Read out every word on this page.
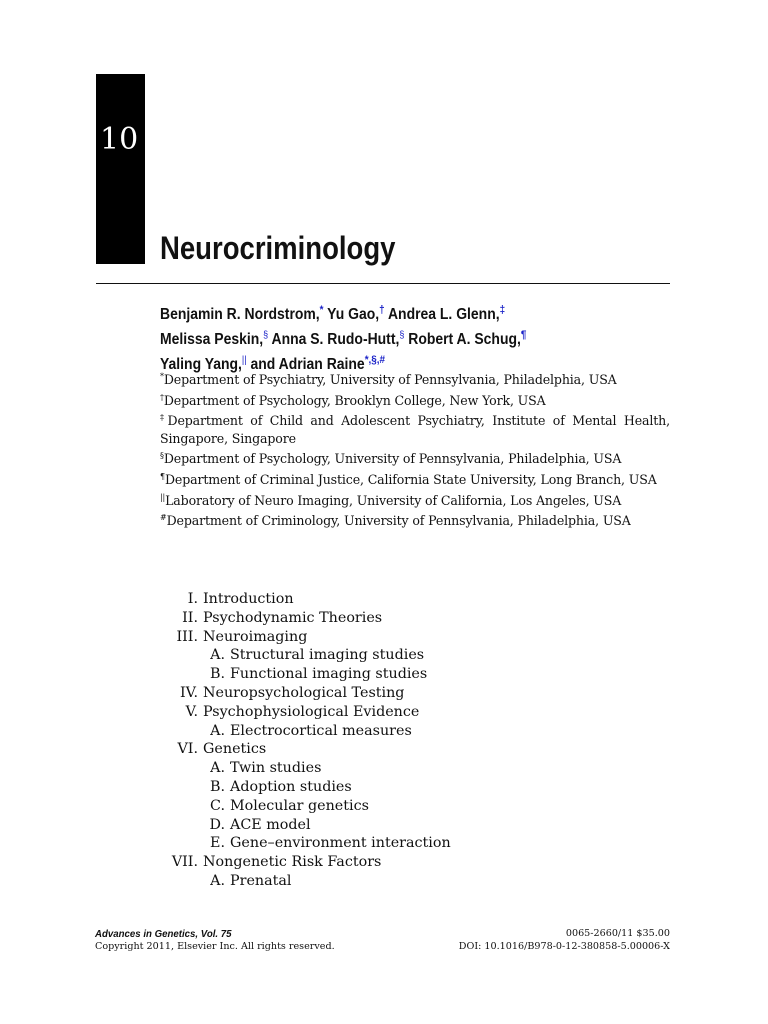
10
Neurocriminology
Benjamin R. Nordstrom,* Yu Gao,† Andrea L. Glenn,‡
Melissa Peskin,§ Anna S. Rudo-Hutt,§ Robert A. Schug,¶
Yaling Yang,|| and Adrian Raine*,§,#
*Department of Psychiatry, University of Pennsylvania, Philadelphia, USA
†Department of Psychology, Brooklyn College, New York, USA
‡Department of Child and Adolescent Psychiatry, Institute of Mental Health, Singapore, Singapore
§Department of Psychology, University of Pennsylvania, Philadelphia, USA
¶Department of Criminal Justice, California State University, Long Branch, USA
||Laboratory of Neuro Imaging, University of California, Los Angeles, USA
#Department of Criminology, University of Pennsylvania, Philadelphia, USA
I. Introduction
II. Psychodynamic Theories
III. Neuroimaging
A. Structural imaging studies
B. Functional imaging studies
IV. Neuropsychological Testing
V. Psychophysiological Evidence
A. Electrocortical measures
VI. Genetics
A. Twin studies
B. Adoption studies
C. Molecular genetics
D. ACE model
E. Gene–environment interaction
VII. Nongenetic Risk Factors
A. Prenatal
Advances in Genetics, Vol. 75
Copyright 2011, Elsevier Inc. All rights reserved.
0065-2660/11 $35.00
DOI: 10.1016/B978-0-12-380858-5.00006-X
